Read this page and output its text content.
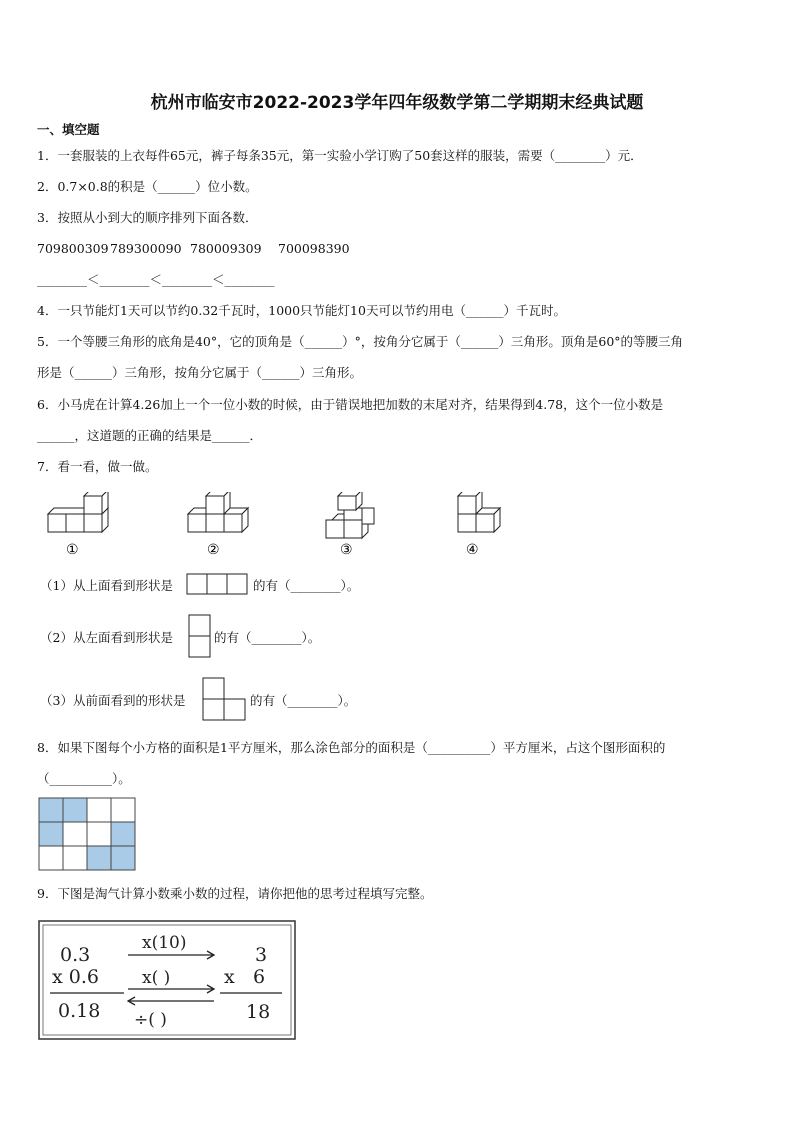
杭州市临安市2022-2023学年四年级数学第二学期期末经典试题
一、填空题
1．一套服装的上衣每件65元，裤子每条35元，第一实验小学订购了50套这样的服装，需要（________）元．
2．0.7×0.8的积是（______）位小数。
3．按照从小到大的顺序排列下面各数．
709800309 789300090 780009309 700098390
________＜________＜________＜________
4．一只节能灯1天可以节约0.32千瓦时，1000只节能灯10天可以节约用电（______）千瓦时。
5．一个等腰三角形的底角是40°，它的顶角是（______）°，按角分它属于（______）三角形。顶角是60°的等腰三角
形是（______）三角形，按角分它属于（______）三角形。
6．小马虎在计算4.26加上一个一位小数的时候，由于错误地把加数的末尾对齐，结果得到4.78，这个一位小数是
______，这道题的正确的结果是______．
7．看一看，做一做。
①	②	③	④
（1）从上面看到形状是	的有（________）。
（2）从左面看到形状是	的有（________）。
（3）从前面看到的形状是	的有（________）。
8．如果下图每个小方格的面积是1平方厘米，那么涂色部分的面积是（__________）平方厘米，占这个图形面积的
（__________）。
9．下图是淘气计算小数乘小数的过程，请你把他的思考过程填写完整。
0.3
x 0.6
0.18
x(10)
x( )
÷( )
x
3
6
18
